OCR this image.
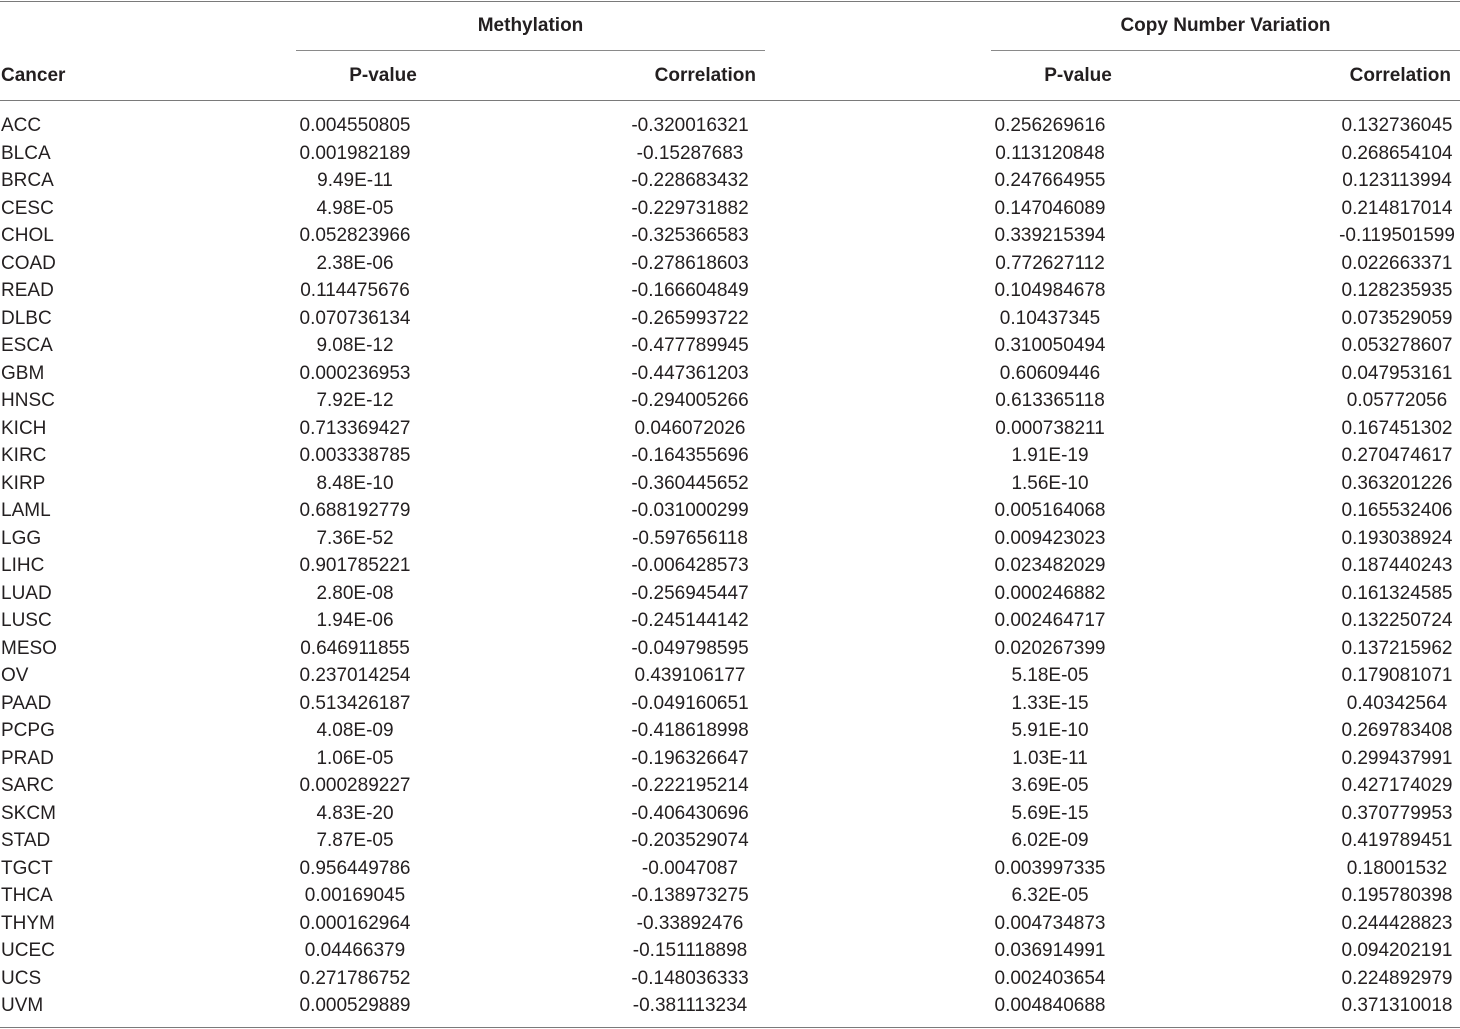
Methylation	Copy Number Variation
Cancer	P-value	Correlation	P-value	Correlation
ACC	0.004550805	-0.320016321	0.256269616	0.132736045
BLCA	0.001982189	-0.15287683	0.113120848	0.268654104
BRCA	9.49E-11	-0.228683432	0.247664955	0.123113994
CESC	4.98E-05	-0.229731882	0.147046089	0.214817014
CHOL	0.052823966	-0.325366583	0.339215394	-0.119501599
COAD	2.38E-06	-0.278618603	0.772627112	0.022663371
READ	0.114475676	-0.166604849	0.104984678	0.128235935
DLBC	0.070736134	-0.265993722	0.10437345	0.073529059
ESCA	9.08E-12	-0.477789945	0.310050494	0.053278607
GBM	0.000236953	-0.447361203	0.60609446	0.047953161
HNSC	7.92E-12	-0.294005266	0.613365118	0.05772056
KICH	0.713369427	0.046072026	0.000738211	0.167451302
KIRC	0.003338785	-0.164355696	1.91E-19	0.270474617
KIRP	8.48E-10	-0.360445652	1.56E-10	0.363201226
LAML	0.688192779	-0.031000299	0.005164068	0.165532406
LGG	7.36E-52	-0.597656118	0.009423023	0.193038924
LIHC	0.901785221	-0.006428573	0.023482029	0.187440243
LUAD	2.80E-08	-0.256945447	0.000246882	0.161324585
LUSC	1.94E-06	-0.245144142	0.002464717	0.132250724
MESO	0.646911855	-0.049798595	0.020267399	0.137215962
OV	0.237014254	0.439106177	5.18E-05	0.179081071
PAAD	0.513426187	-0.049160651	1.33E-15	0.40342564
PCPG	4.08E-09	-0.418618998	5.91E-10	0.269783408
PRAD	1.06E-05	-0.196326647	1.03E-11	0.299437991
SARC	0.000289227	-0.222195214	3.69E-05	0.427174029
SKCM	4.83E-20	-0.406430696	5.69E-15	0.370779953
STAD	7.87E-05	-0.203529074	6.02E-09	0.419789451
TGCT	0.956449786	-0.0047087	0.003997335	0.18001532
THCA	0.00169045	-0.138973275	6.32E-05	0.195780398
THYM	0.000162964	-0.33892476	0.004734873	0.244428823
UCEC	0.04466379	-0.151118898	0.036914991	0.094202191
UCS	0.271786752	-0.148036333	0.002403654	0.224892979
UVM	0.000529889	-0.381113234	0.004840688	0.371310018
